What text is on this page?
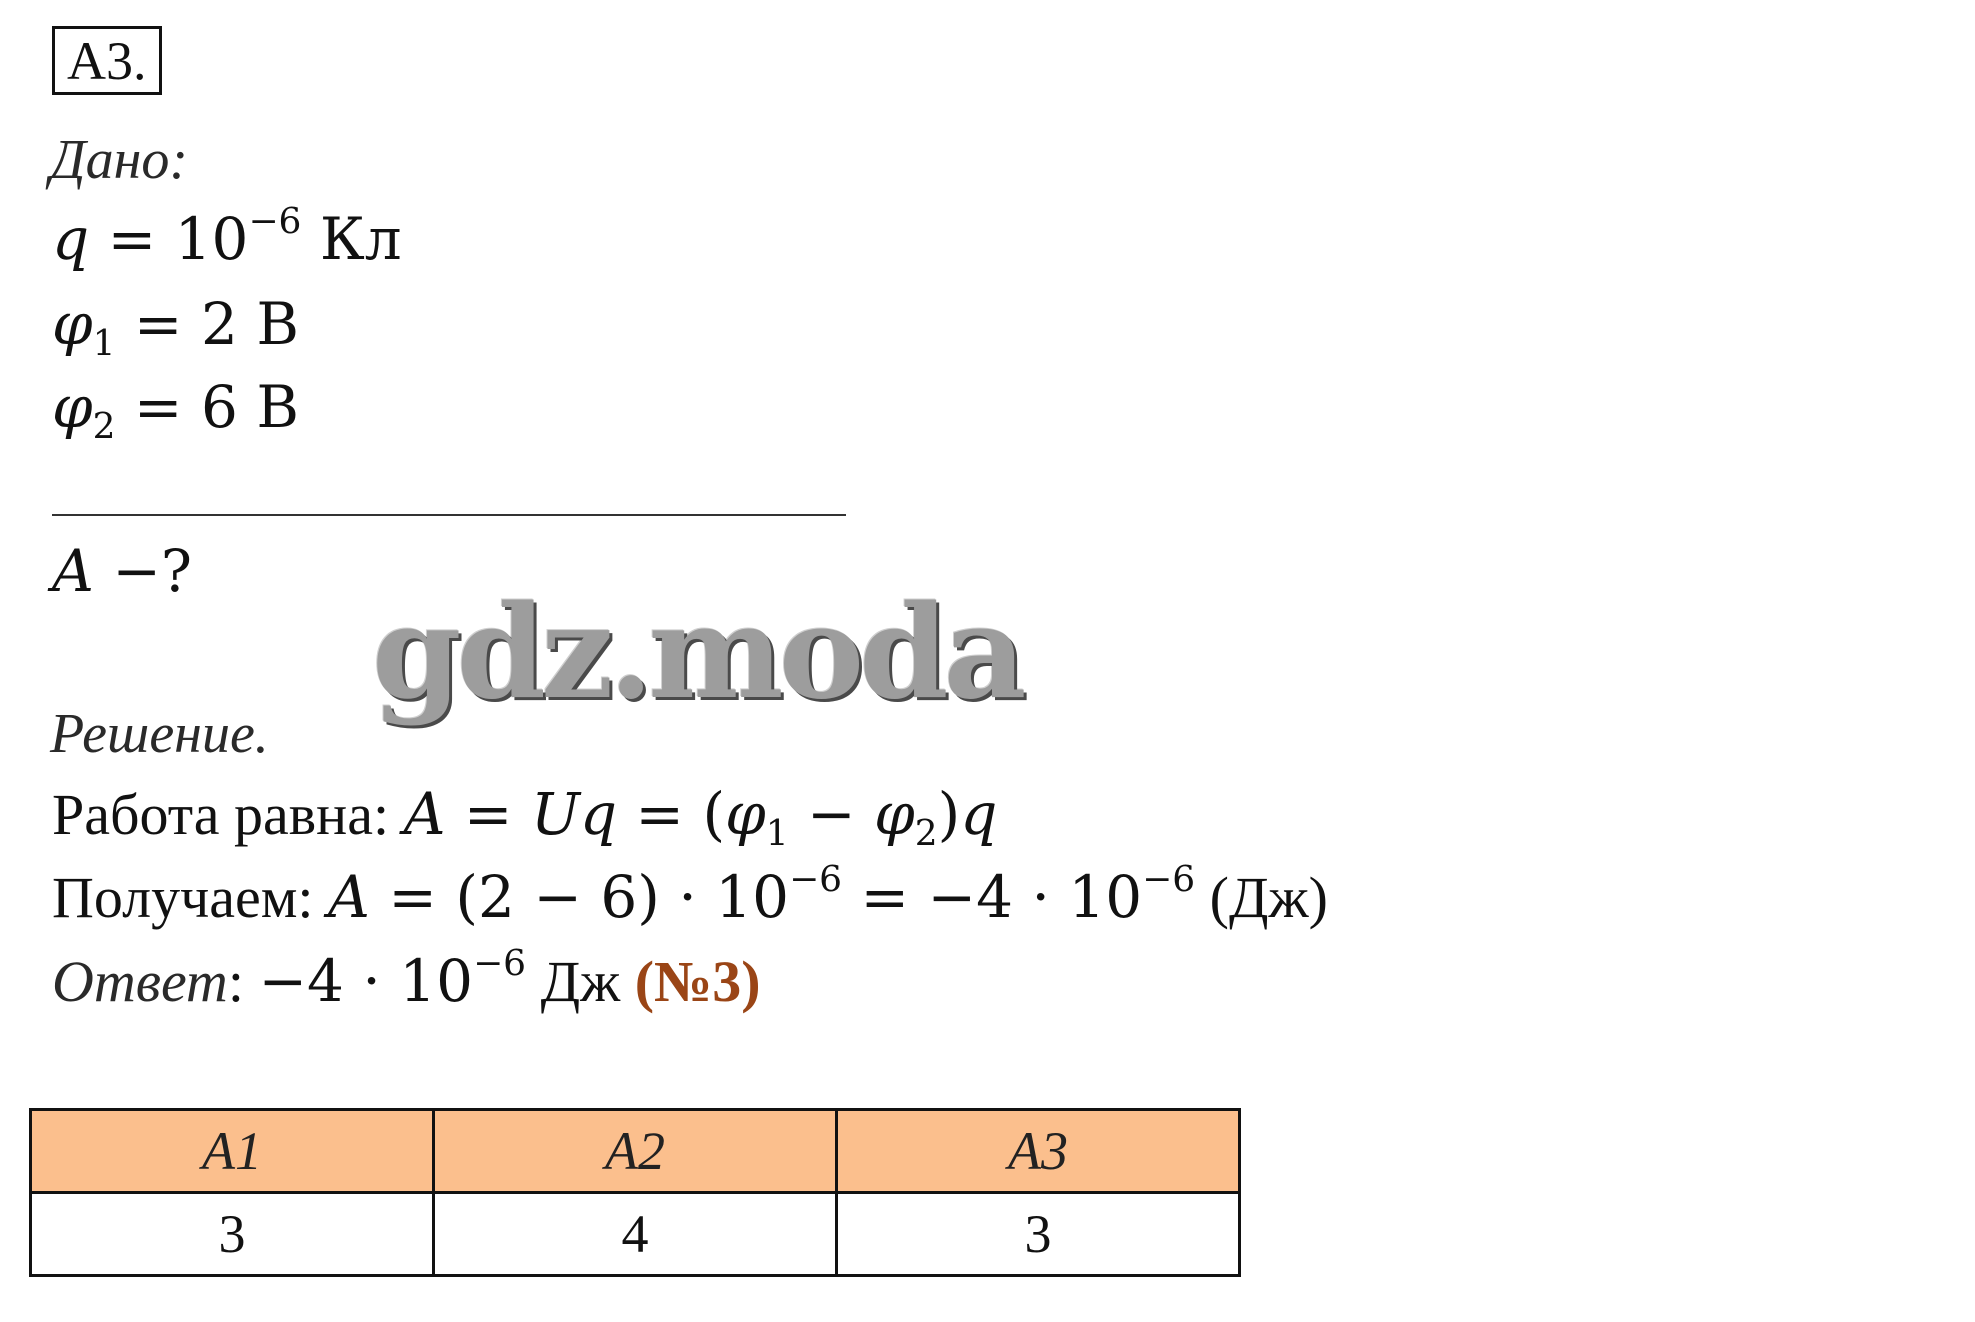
А3.
Дано:
$q = 10^{-6}$ Кл
$\varphi_1 = 2$ В
$\varphi_2 = 6$ В
A −?
gdz.moda
Решение.
Работа равна: $A = Uq = (\varphi_1 - \varphi_2)q$
Получаем: $A = (2 - 6) \cdot 10^{-6} = -4 \cdot 10^{-6}$ (Дж)
Ответ: $-4 \cdot 10^{-6}$ Дж (№3)
A1	A2	A3
3	4	3
